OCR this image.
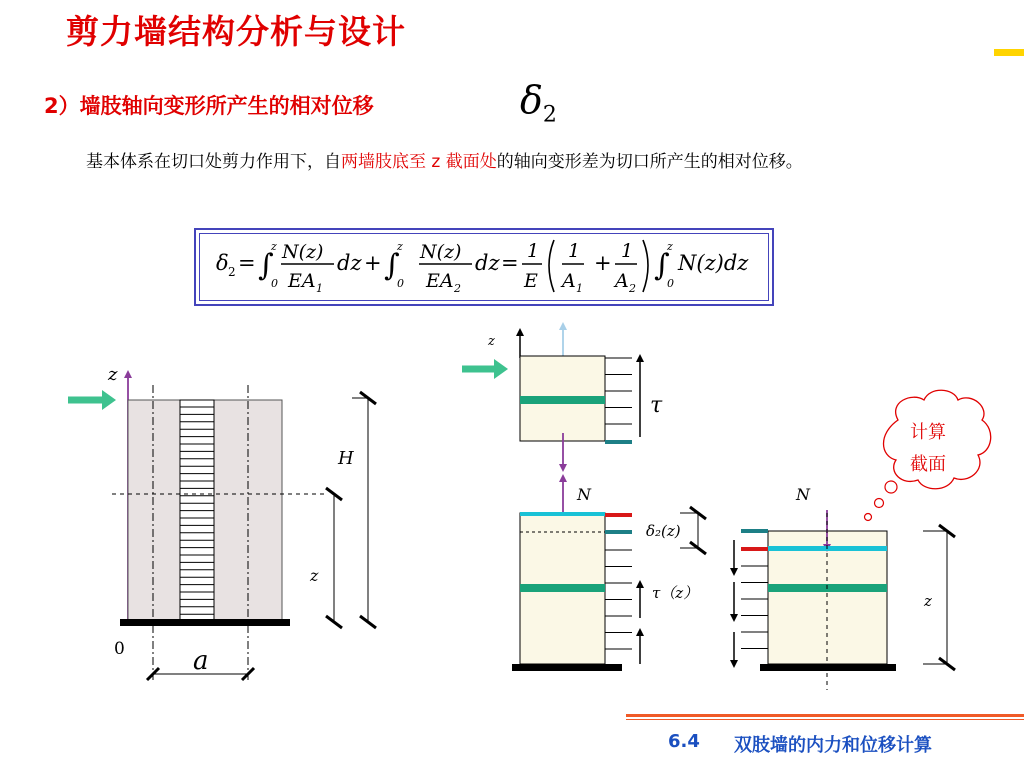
剪力墙结构分析与设计
2）墙肢轴向变形所产生的相对位移	$\delta_2$
基本体系在切口处剪力作用下，自两墙肢底至 z 截面处的轴向变形差为切口所产生的相对位移。
δ 2 = ∫
z
0
N(z)
EA 1
dz + ∫
z
0
N(z)
EA 2
dz = 1
E
1
A 1
+ 1
A 2
∫
z
0
N(z)dz
z
0
H
z
a
z
τ
N
δ₂(z)
τ（z）
N
z
计算
截面
6.4 双肢墙的内力和位移计算
